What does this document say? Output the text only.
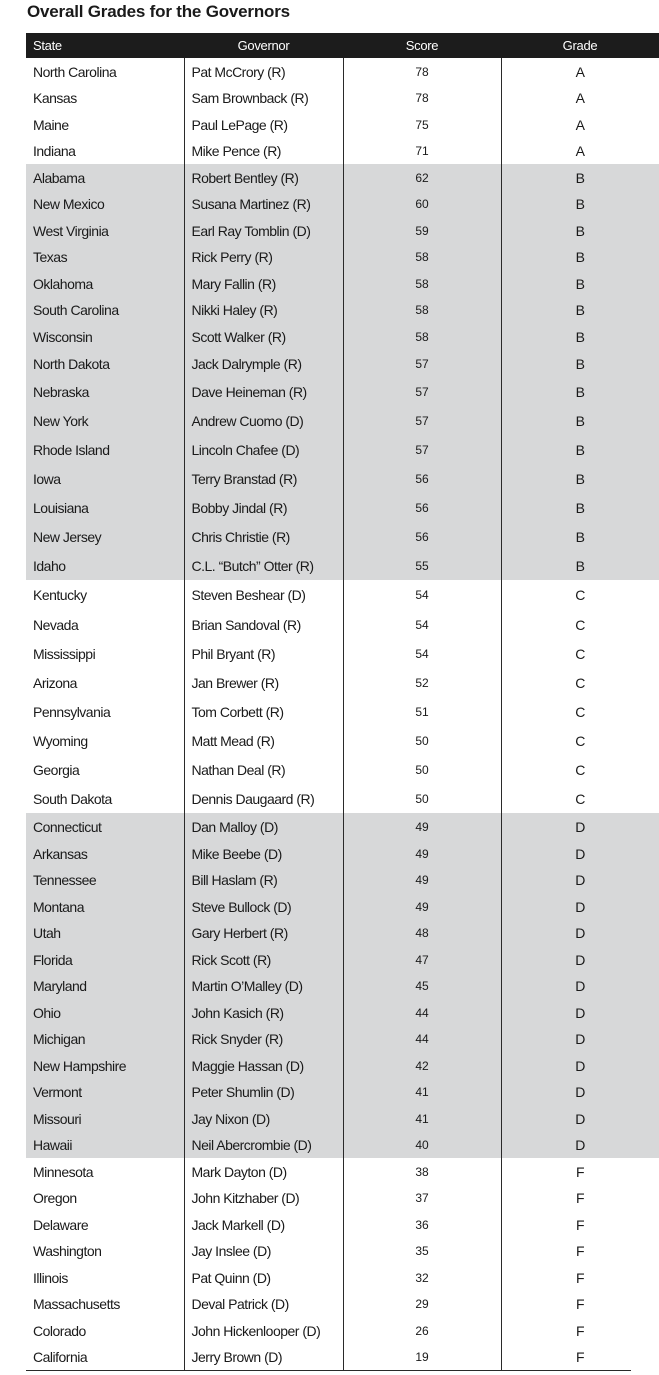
Overall Grades for the Governors
State	Governor	Score	Grade
North Carolina	Pat McCrory (R)	78	A
Kansas	Sam Brownback (R)	78	A
Maine	Paul LePage (R)	75	A
Indiana	Mike Pence (R)	71	A
Alabama	Robert Bentley (R)	62	B
New Mexico	Susana Martinez (R)	60	B
West Virginia	Earl Ray Tomblin (D)	59	B
Texas	Rick Perry (R)	58	B
Oklahoma	Mary Fallin (R)	58	B
South Carolina	Nikki Haley (R)	58	B
Wisconsin	Scott Walker (R)	58	B
North Dakota	Jack Dalrymple (R)	57	B
Nebraska	Dave Heineman (R)	57	B
New York	Andrew Cuomo (D)	57	B
Rhode Island	Lincoln Chafee (D)	57	B
Iowa	Terry Branstad (R)	56	B
Louisiana	Bobby Jindal (R)	56	B
New Jersey	Chris Christie (R)	56	B
Idaho	C.L. “Butch” Otter (R)	55	B
Kentucky	Steven Beshear (D)	54	C
Nevada	Brian Sandoval (R)	54	C
Mississippi	Phil Bryant (R)	54	C
Arizona	Jan Brewer (R)	52	C
Pennsylvania	Tom Corbett (R)	51	C
Wyoming	Matt Mead (R)	50	C
Georgia	Nathan Deal (R)	50	C
South Dakota	Dennis Daugaard (R)	50	C
Connecticut	Dan Malloy (D)	49	D
Arkansas	Mike Beebe (D)	49	D
Tennessee	Bill Haslam (R)	49	D
Montana	Steve Bullock (D)	49	D
Utah	Gary Herbert (R)	48	D
Florida	Rick Scott (R)	47	D
Maryland	Martin O’Malley (D)	45	D
Ohio	John Kasich (R)	44	D
Michigan	Rick Snyder (R)	44	D
New Hampshire	Maggie Hassan (D)	42	D
Vermont	Peter Shumlin (D)	41	D
Missouri	Jay Nixon (D)	41	D
Hawaii	Neil Abercrombie (D)	40	D
Minnesota	Mark Dayton (D)	38	F
Oregon	John Kitzhaber (D)	37	F
Delaware	Jack Markell (D)	36	F
Washington	Jay Inslee (D)	35	F
Illinois	Pat Quinn (D)	32	F
Massachusetts	Deval Patrick (D)	29	F
Colorado	John Hickenlooper (D)	26	F
California	Jerry Brown (D)	19	F
